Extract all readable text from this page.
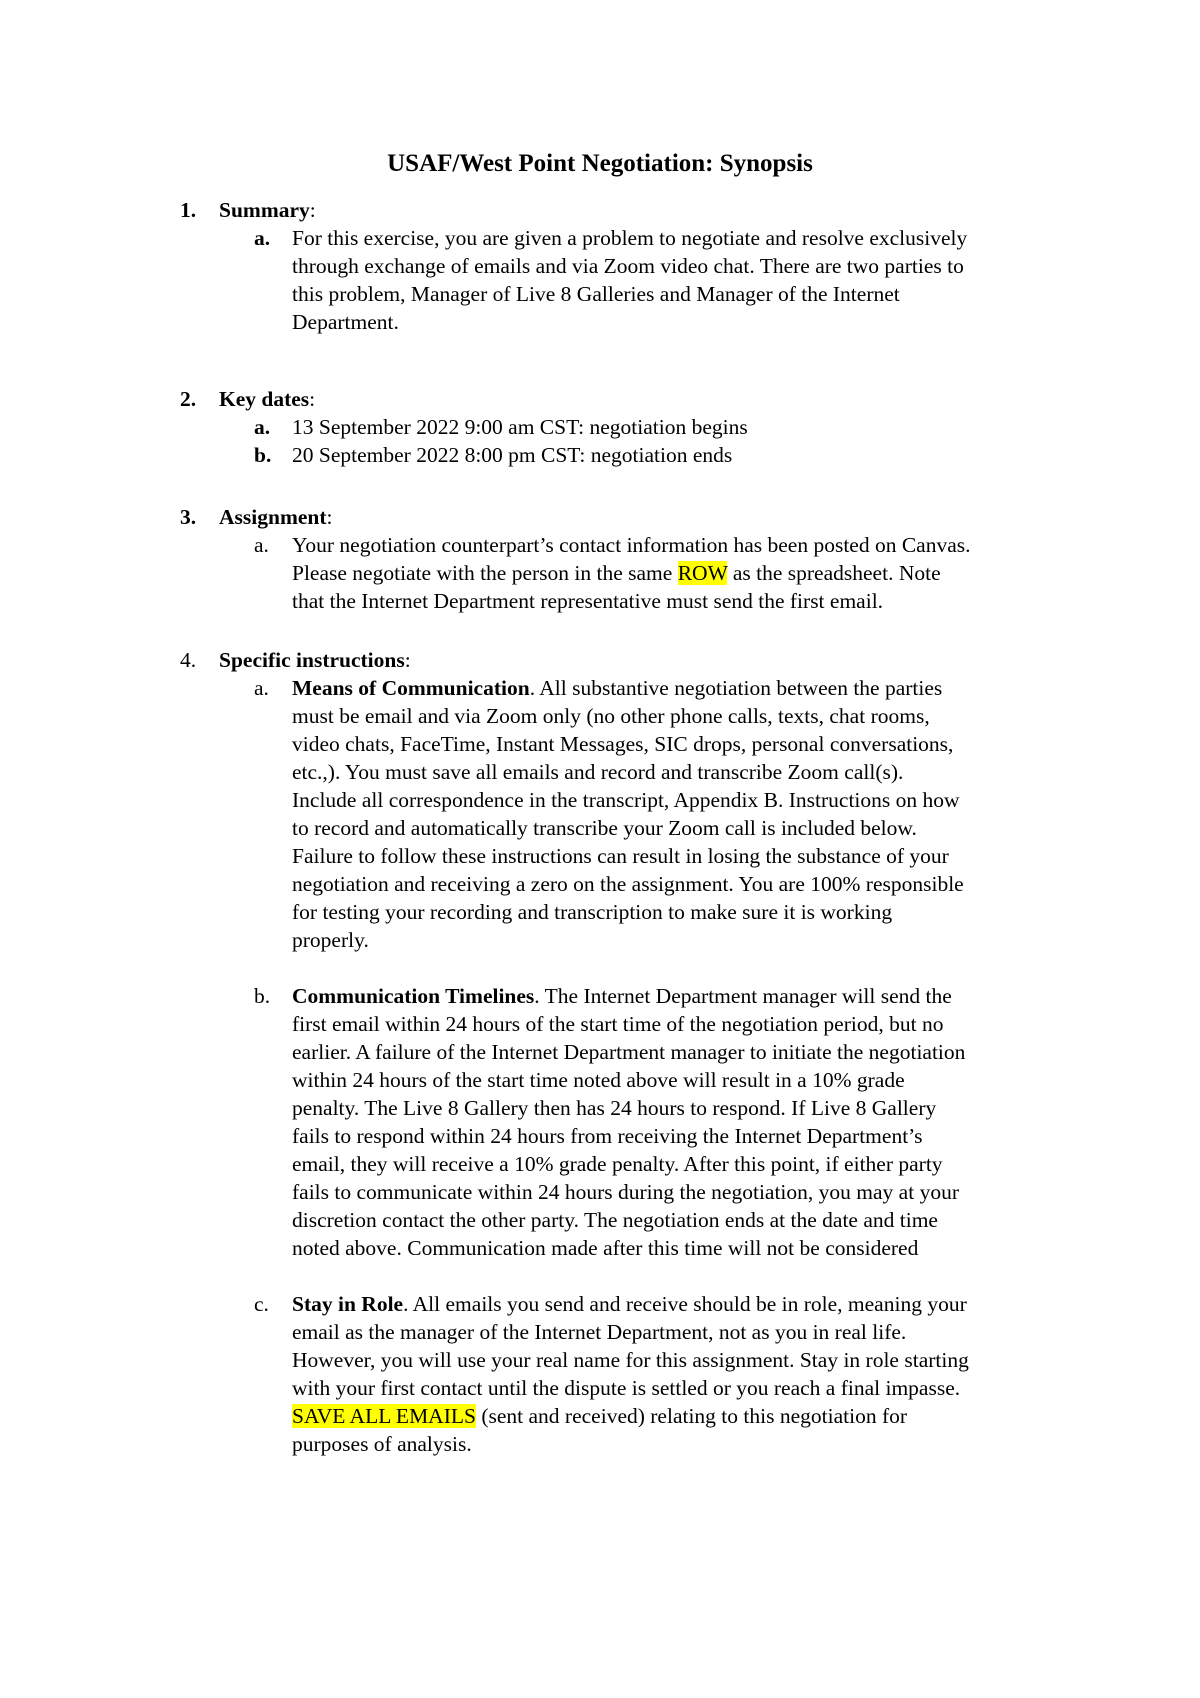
USAF/West Point Negotiation: Synopsis
1. Summary:
a. For this exercise, you are given a problem to negotiate and resolve exclusively
through exchange of emails and via Zoom video chat. There are two parties to
this problem, Manager of Live 8 Galleries and Manager of the Internet
Department.
2. Key dates:
a. 13 September 2022 9:00 am CST: negotiation begins
b. 20 September 2022 8:00 pm CST: negotiation ends
3. Assignment:
a. Your negotiation counterpart’s contact information has been posted on Canvas.
Please negotiate with the person in the same ROW as the spreadsheet. Note
that the Internet Department representative must send the first email.
4. Specific instructions:
a. Means of Communication. All substantive negotiation between the parties
must be email and via Zoom only (no other phone calls, texts, chat rooms,
video chats, FaceTime, Instant Messages, SIC drops, personal conversations,
etc.,). You must save all emails and record and transcribe Zoom call(s).
Include all correspondence in the transcript, Appendix B. Instructions on how
to record and automatically transcribe your Zoom call is included below.
Failure to follow these instructions can result in losing the substance of your
negotiation and receiving a zero on the assignment. You are 100% responsible
for testing your recording and transcription to make sure it is working
properly.
b. Communication Timelines. The Internet Department manager will send the
first email within 24 hours of the start time of the negotiation period, but no
earlier. A failure of the Internet Department manager to initiate the negotiation
within 24 hours of the start time noted above will result in a 10% grade
penalty. The Live 8 Gallery then has 24 hours to respond. If Live 8 Gallery
fails to respond within 24 hours from receiving the Internet Department’s
email, they will receive a 10% grade penalty. After this point, if either party
fails to communicate within 24 hours during the negotiation, you may at your
discretion contact the other party. The negotiation ends at the date and time
noted above. Communication made after this time will not be considered
c. Stay in Role. All emails you send and receive should be in role, meaning your
email as the manager of the Internet Department, not as you in real life.
However, you will use your real name for this assignment. Stay in role starting
with your first contact until the dispute is settled or you reach a final impasse.
SAVE ALL EMAILS (sent and received) relating to this negotiation for
purposes of analysis.
